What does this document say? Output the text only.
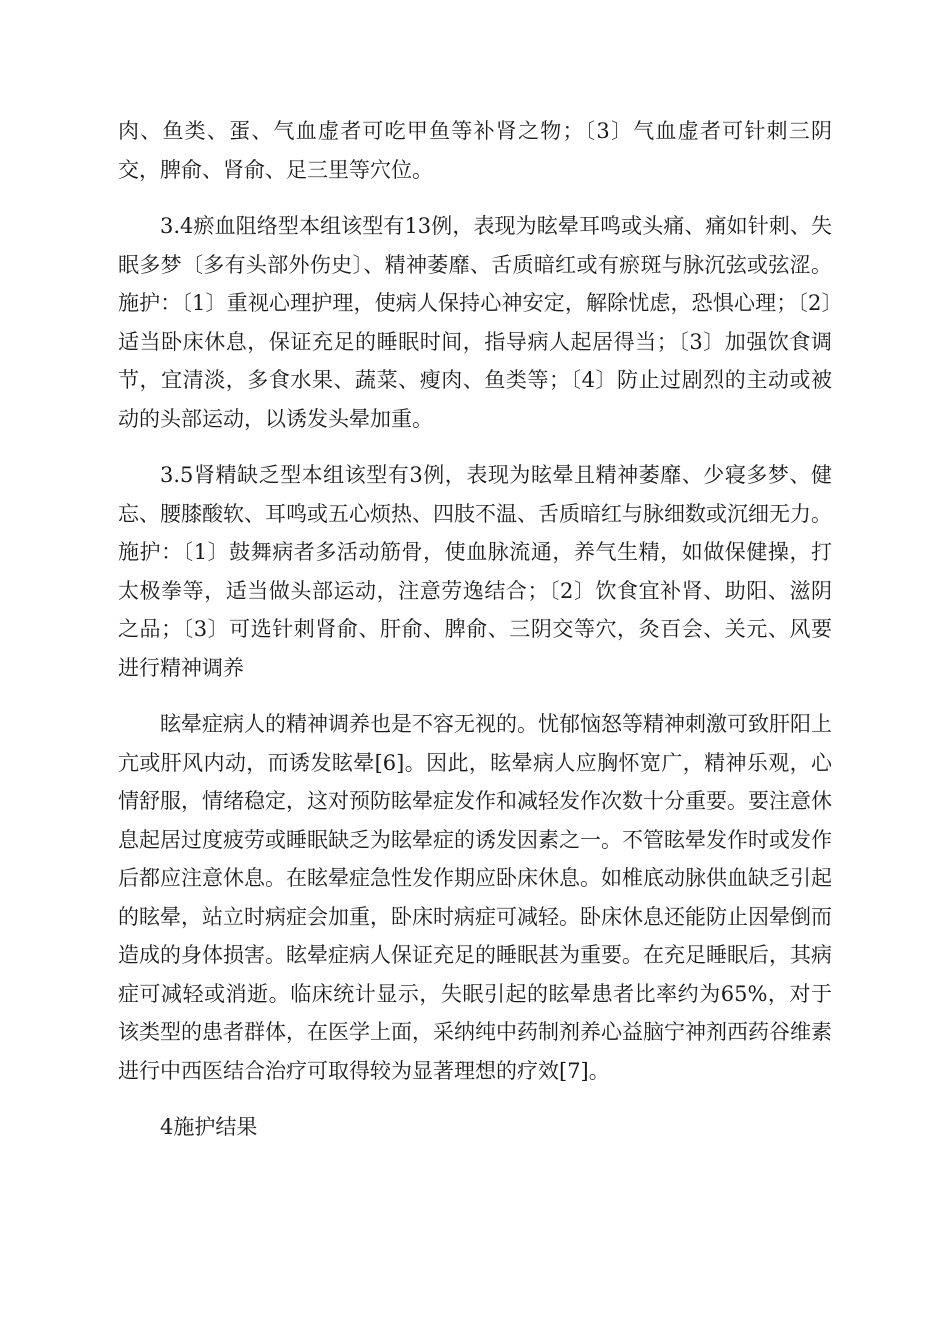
肉、鱼类、蛋、气血虚者可吃甲鱼等补肾之物；〔3〕气血虚者可针刺三阴交，脾俞、肾俞、足三里等穴位。

3.4瘀血阻络型本组该型有13例，表现为眩晕耳鸣或头痛、痛如针刺、失眠多梦〔多有头部外伤史〕、精神萎靡、舌质暗红或有瘀斑与脉沉弦或弦涩。施护：〔1〕重视心理护理，使病人保持心神安定，解除忧虑，恐惧心理；〔2〕适当卧床休息，保证充足的睡眠时间，指导病人起居得当；〔3〕加强饮食调节，宜清淡，多食水果、蔬菜、瘦肉、鱼类等；〔4〕防止过剧烈的主动或被动的头部运动，以诱发头晕加重。

3.5肾精缺乏型本组该型有3例，表现为眩晕且精神萎靡、少寝多梦、健忘、腰膝酸软、耳鸣或五心烦热、四肢不温、舌质暗红与脉细数或沉细无力。施护：〔1〕鼓舞病者多活动筋骨，使血脉流通，养气生精，如做保健操，打太极拳等，适当做头部运动，注意劳逸结合；〔2〕饮食宜补肾、助阳、滋阴之品；〔3〕可选针刺肾俞、肝俞、脾俞、三阴交等穴，灸百会、关元、风要进行精神调养

眩晕症病人的精神调养也是不容无视的。忧郁恼怒等精神刺激可致肝阳上亢或肝风内动，而诱发眩晕[6]。因此，眩晕病人应胸怀宽广，精神乐观，心情舒服，情绪稳定，这对预防眩晕症发作和减轻发作次数十分重要。要注意休息起居过度疲劳或睡眠缺乏为眩晕症的诱发因素之一。不管眩晕发作时或发作后都应注意休息。在眩晕症急性发作期应卧床休息。如椎底动脉供血缺乏引起的眩晕，站立时病症会加重，卧床时病症可减轻。卧床休息还能防止因晕倒而造成的身体损害。眩晕症病人保证充足的睡眠甚为重要。在充足睡眠后，其病症可减轻或消逝。临床统计显示，失眠引起的眩晕患者比率约为65%，对于该类型的患者群体，在医学上面，采纳纯中药制剂养心益脑宁神剂西药谷维素进行中西医结合治疗可取得较为显著理想的疗效[7]。

4施护结果
